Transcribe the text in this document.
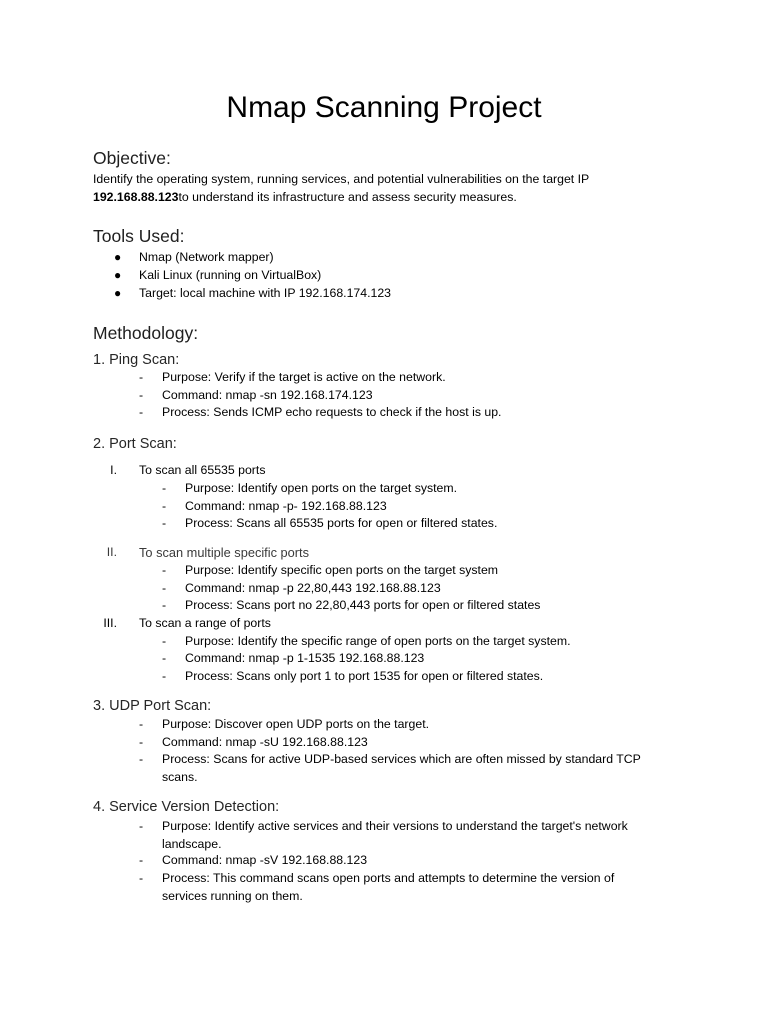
Nmap Scanning Project
Objective:
Identify the operating system, running services, and potential vulnerabilities on the target IP
192.168.88.123to understand its infrastructure and assess security measures.
Tools Used:
● Nmap (Network mapper)
● Kali Linux (running on VirtualBox)
● Target: local machine with IP 192.168.174.123
Methodology:
1. Ping Scan:
- Purpose: Verify if the target is active on the network.
- Command: nmap -sn 192.168.174.123
- Process: Sends ICMP echo requests to check if the host is up.
2. Port Scan:
I. To scan all 65535 ports
- Purpose: Identify open ports on the target system.
- Command: nmap -p- 192.168.88.123
- Process: Scans all 65535 ports for open or filtered states.
II. To scan multiple specific ports
- Purpose: Identify specific open ports on the target system
- Command: nmap -p 22,80,443 192.168.88.123
- Process: Scans port no 22,80,443 ports for open or filtered states
III. To scan a range of ports
- Purpose: Identify the specific range of open ports on the target system.
- Command: nmap -p 1-1535 192.168.88.123
- Process: Scans only port 1 to port 1535 for open or filtered states.
3. UDP Port Scan:
- Purpose: Discover open UDP ports on the target.
- Command: nmap -sU 192.168.88.123
- Process: Scans for active UDP-based services which are often missed by standard TCP scans.
4. Service Version Detection:
- Purpose: Identify active services and their versions to understand the target's network landscape.
- Command: nmap -sV 192.168.88.123
- Process: This command scans open ports and attempts to determine the version of services running on them.
